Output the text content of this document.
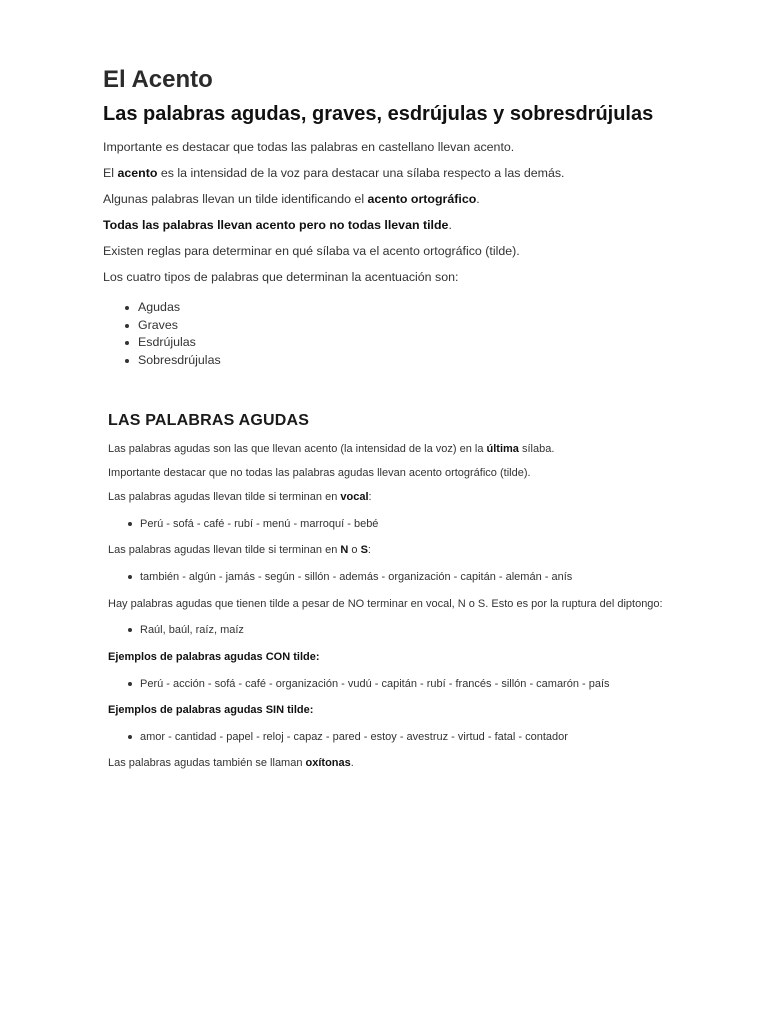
El Acento
Las palabras agudas, graves, esdrújulas y sobresdrújulas

Importante es destacar que todas las palabras en castellano llevan acento.

El acento es la intensidad de la voz para destacar una sílaba respecto a las demás.

Algunas palabras llevan un tilde identificando el acento ortográfico.

Todas las palabras llevan acento pero no todas llevan tilde.

Existen reglas para determinar en qué sílaba va el acento ortográfico (tilde).

Los cuatro tipos de palabras que determinan la acentuación son:

Agudas
Graves
Esdrújulas
Sobresdrújulas
LAS PALABRAS AGUDAS

Las palabras agudas son las que llevan acento (la intensidad de la voz) en la última sílaba.

Importante destacar que no todas las palabras agudas llevan acento ortográfico (tilde).

Las palabras agudas llevan tilde si terminan en vocal:

Perú - sofá - café - rubí - menú - marroquí - bebé

Las palabras agudas llevan tilde si terminan en N o S:

también - algún - jamás - según - sillón - además - organización - capitán - alemán - anís

Hay palabras agudas que tienen tilde a pesar de NO terminar en vocal, N o S. Esto es por la ruptura del diptongo:

Raúl, baúl, raíz, maíz

Ejemplos de palabras agudas CON tilde:

Perú - acción - sofá - café - organización - vudú - capitán - rubí - francés - sillón - camarón - país

Ejemplos de palabras agudas SIN tilde:

amor - cantidad - papel - reloj - capaz - pared - estoy - avestruz - virtud - fatal - contador

Las palabras agudas también se llaman oxítonas.
